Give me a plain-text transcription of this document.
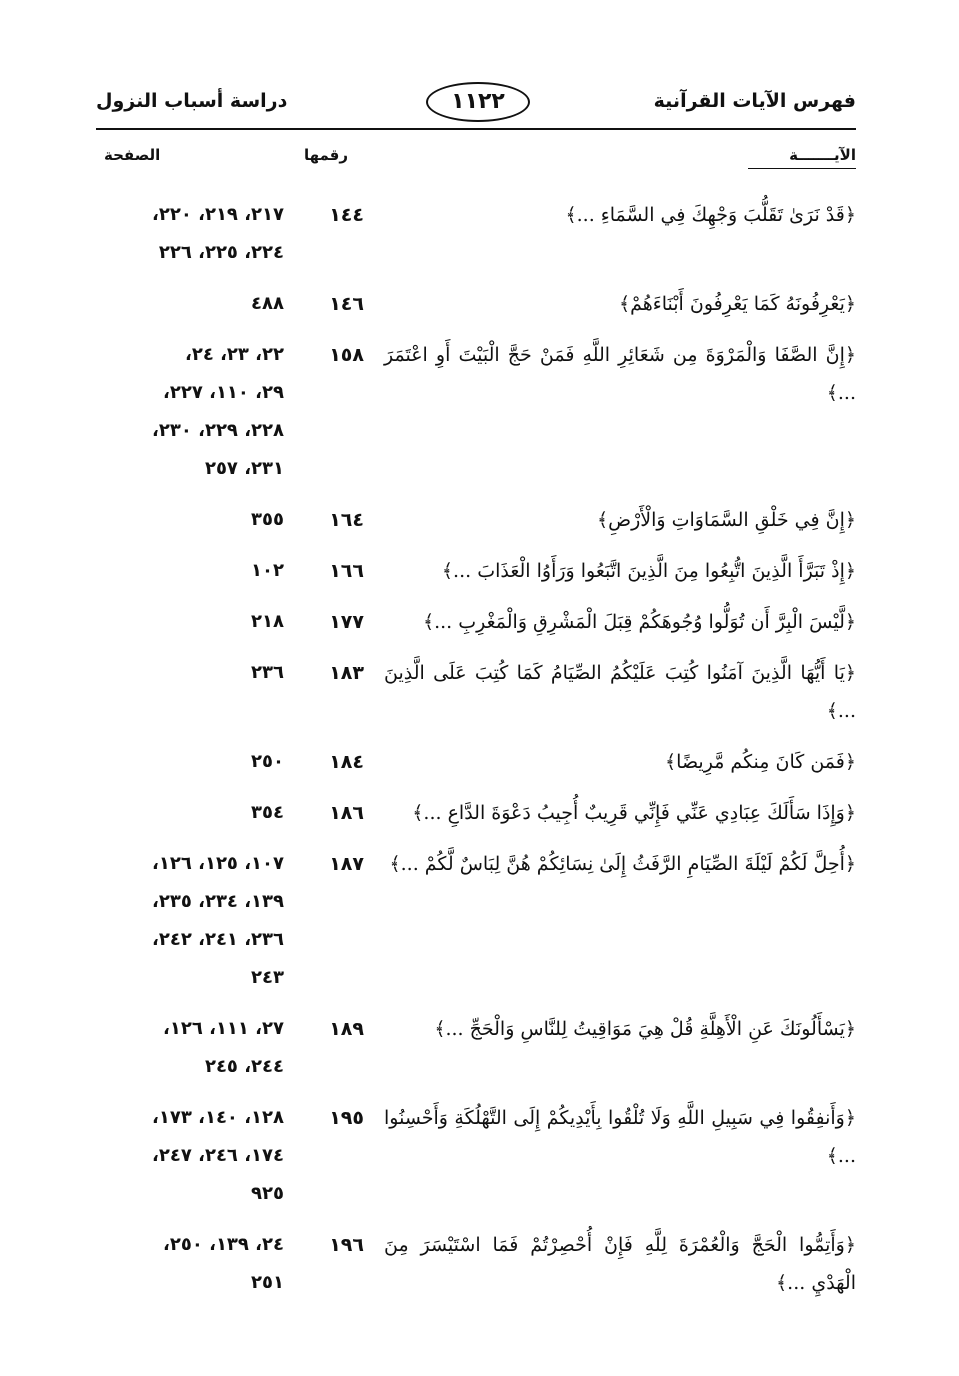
فهرس الآيات القرآنية
١١٢٢
دراسة أسباب النزول
الآيـــــــة
رقمها
الصفحة
﴿قَدْ نَرَىٰ تَقَلُّبَ وَجْهِكَ فِي السَّمَاءِ ...﴾
١٤٤
٢١٧، ٢١٩، ٢٢٠،
٢٢٤، ٢٢٥، ٢٢٦
﴿يَعْرِفُونَهُ كَمَا يَعْرِفُونَ أَبْنَاءَهُمْ﴾
١٤٦
٤٨٨
﴿إِنَّ الصَّفَا وَالْمَرْوَةَ مِن شَعَائِرِ اللَّهِ فَمَنْ حَجَّ الْبَيْتَ أَوِ اعْتَمَرَ ...﴾
١٥٨
٢٢، ٢٣، ٢٤،
٢٩، ١١٠، ٢٢٧،
٢٢٨، ٢٢٩، ٢٣٠،
٢٣١، ٢٥٧
﴿إِنَّ فِي خَلْقِ السَّمَاوَاتِ وَالْأَرْضِ﴾
١٦٤
٣٥٥
﴿إِذْ تَبَرَّأَ الَّذِينَ اتُّبِعُوا مِنَ الَّذِينَ اتَّبَعُوا وَرَأَوُا الْعَذَابَ ...﴾
١٦٦
١٠٢
﴿لَّيْسَ الْبِرَّ أَن تُوَلُّوا وُجُوهَكُمْ قِبَلَ الْمَشْرِقِ وَالْمَغْرِبِ ...﴾
١٧٧
٢١٨
﴿يَا أَيُّهَا الَّذِينَ آمَنُوا كُتِبَ عَلَيْكُمُ الصِّيَامُ كَمَا كُتِبَ عَلَى الَّذِينَ ...﴾
١٨٣
٢٣٦
﴿فَمَن كَانَ مِنكُم مَّرِيضًا﴾
١٨٤
٢٥٠
﴿وَإِذَا سَأَلَكَ عِبَادِي عَنِّي فَإِنِّي قَرِيبٌ أُجِيبُ دَعْوَةَ الدَّاعِ ...﴾
١٨٦
٣٥٤
﴿أُحِلَّ لَكُمْ لَيْلَةَ الصِّيَامِ الرَّفَثُ إِلَىٰ نِسَائِكُمْ هُنَّ لِبَاسٌ لَّكُمْ ...﴾
١٨٧
١٠٧، ١٢٥، ١٢٦،
١٣٩، ٢٣٤، ٢٣٥،
٢٣٦، ٢٤١، ٢٤٢،
٢٤٣
﴿يَسْأَلُونَكَ عَنِ الْأَهِلَّةِ قُلْ هِيَ مَوَاقِيتُ لِلنَّاسِ وَالْحَجِّ ...﴾
١٨٩
٢٧، ١١١، ١٢٦،
٢٤٤، ٢٤٥
﴿وَأَنفِقُوا فِي سَبِيلِ اللَّهِ وَلَا تُلْقُوا بِأَيْدِيكُمْ إِلَى التَّهْلُكَةِ وَأَحْسِنُوا ...﴾
١٩٥
١٢٨، ١٤٠، ١٧٣،
١٧٤، ٢٤٦، ٢٤٧،
٩٢٥
﴿وَأَتِمُّوا الْحَجَّ وَالْعُمْرَةَ لِلَّهِ فَإِنْ أُحْصِرْتُمْ فَمَا اسْتَيْسَرَ مِنَ الْهَدْيِ ...﴾
١٩٦
٢٤، ١٣٩، ٢٥٠،
٢٥١
